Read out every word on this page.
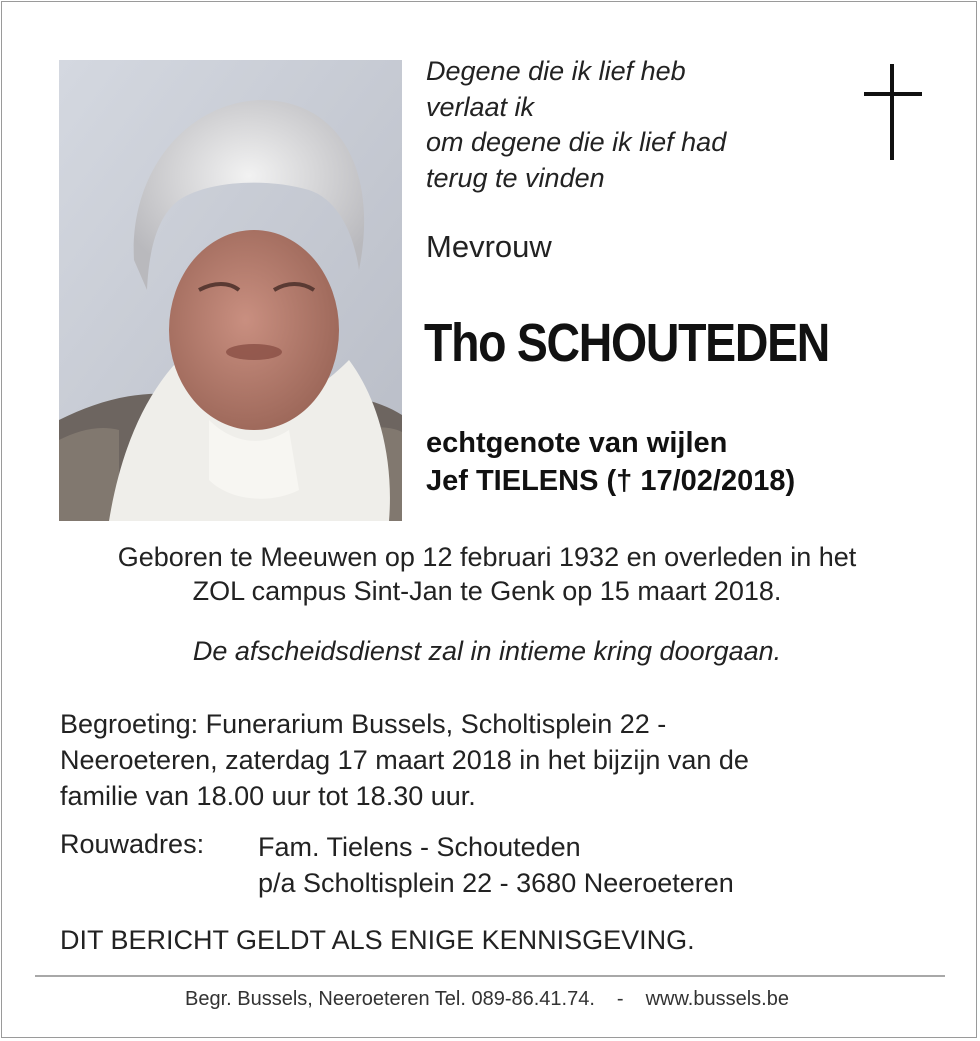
Degene die ik lief heb
verlaat ik
om degene die ik lief had
terug te vinden
Mevrouw
Tho SCHOUTEDEN
echtgenote van wijlen
Jef TIELENS († 17/02/2018)
Geboren te Meeuwen op 12 februari 1932 en overleden in het
ZOL campus Sint-Jan te Genk op 15 maart 2018.
De afscheidsdienst zal in intieme kring doorgaan.
Begroeting: Funerarium Bussels, Scholtisplein 22 -
Neeroeteren, zaterdag 17 maart 2018 in het bijzijn van de
familie van 18.00 uur tot 18.30 uur.
Rouwadres: Fam. Tielens - Schouteden
p/a Scholtisplein 22 - 3680 Neeroeteren
DIT BERICHT GELDT ALS ENIGE KENNISGEVING.
Begr. Bussels, Neeroeteren Tel. 089-86.41.74. - www.bussels.be
